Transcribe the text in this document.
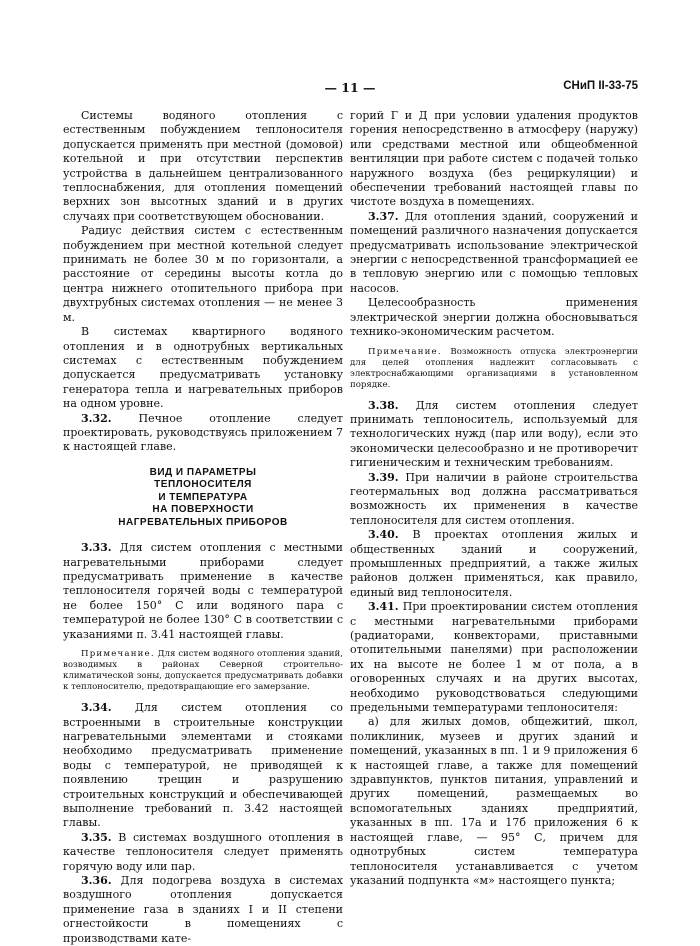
— 11 —	СНиП II-33-75

Системы водяного отопления с естественным побуждением теплоносителя допускается применять при местной (домовой) котельной и при отсутствии перспектив устройства в дальнейшем централизованного теплоснабжения, для отопления помещений верхних зон высотных зданий и в других случаях при соответствующем обосновании.

Радиус действия систем с естественным побуждением при местной котельной следует принимать не более 30 м по горизонтали, а расстояние от середины высоты котла до центра нижнего отопительного прибора при двухтрубных системах отопления — не менее 3 м.

В системах квартирного водяного отопления и в однотрубных вертикальных системах с естественным побуждением допускается предусматривать установку генератора тепла и нагревательных приборов на одном уровне.

3.32. Печное отопление следует проектировать, руководствуясь приложением 7 к настоящей главе.

ВИД И ПАРАМЕТРЫ
ТЕПЛОНОСИТЕЛЯ
И ТЕМПЕРАТУРА
НА ПОВЕРХНОСТИ
НАГРЕВАТЕЛЬНЫХ ПРИБОРОВ

3.33. Для систем отопления с местными нагревательными приборами следует предусматривать применение в качестве теплоносителя горячей воды с температурой не более 150° С или водяного пара с температурой не более 130° С в соответствии с указаниями п. 3.41 настоящей главы.

Примечание. Для систем водяного отопления зданий, возводимых в районах Северной строительно-климатической зоны, допускается предусматривать добавки к теплоносителю, предотвращающие его замерзание.

3.34. Для систем отопления со встроенными в строительные конструкции нагревательными элементами и стояками необходимо предусматривать применение воды с температурой, не приводящей к появлению трещин и разрушению строительных конструкций и обеспечивающей выполнение требований п. 3.42 настоящей главы.

3.35. В системах воздушного отопления в качестве теплоносителя следует применять горячую воду или пар.

3.36. Для подогрева воздуха в системах воздушного отопления допускается применение газа в зданиях I и II степени огнестойкости в помещениях с производствами кате-

горий Г и Д при условии удаления продуктов горения непосредственно в атмосферу (наружу) или средствами местной или общеобменной вентиляции при работе систем с подачей только наружного воздуха (без рециркуляции) и обеспечении требований настоящей главы по чистоте воздуха в помещениях.

3.37. Для отопления зданий, сооружений и помещений различного назначения допускается предусматривать использование электрической энергии с непосредственной трансформацией ее в тепловую энергию или с помощью тепловых насосов.

Целесообразность применения электрической энергии должна обосновываться технико-экономическим расчетом.

Примечание. Возможность отпуска электроэнергии для целей отопления надлежит согласовывать с электроснабжающими организациями в установленном порядке.

3.38. Для систем отопления следует принимать теплоноситель, используемый для технологических нужд (пар или воду), если это экономически целесообразно и не противоречит гигиеническим и техническим требованиям.

3.39. При наличии в районе строительства геотермальных вод должна рассматриваться возможность их применения в качестве теплоносителя для систем отопления.

3.40. В проектах отопления жилых и общественных зданий и сооружений, промышленных предприятий, а также жилых районов должен применяться, как правило, единый вид теплоносителя.

3.41. При проектировании систем отопления с местными нагревательными приборами (радиаторами, конвекторами, приставными отопительными панелями) при расположении их на высоте не более 1 м от пола, а в оговоренных случаях и на других высотах, необходимо руководствоваться следующими предельными температурами теплоносителя:

а) для жилых домов, общежитий, школ, поликлиник, музеев и других зданий и помещений, указанных в пп. 1 и 9 приложения 6 к настоящей главе, а также для помещений здравпунктов, пунктов питания, управлений и других помещений, размещаемых во вспомогательных зданиях предприятий, указанных в пп. 17а и 17б приложения 6 к настоящей главе, — 95° С, причем для однотрубных систем температура теплоносителя устанавливается с учетом указаний подпункта «м» настоящего пункта;
